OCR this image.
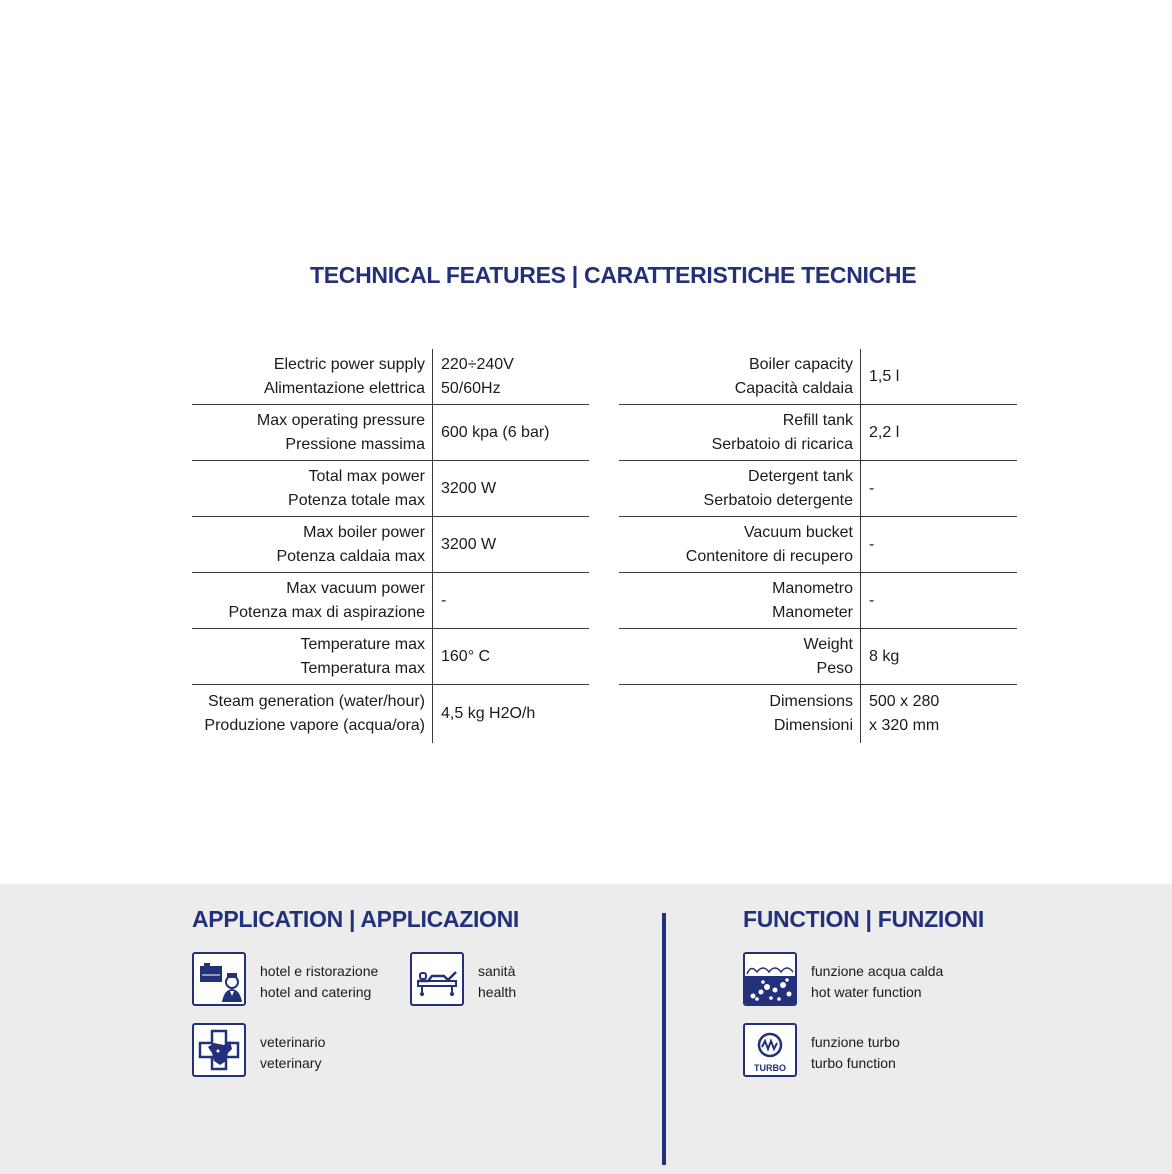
TECHNICAL FEATURES | CARATTERISTICHE TECNICHE
Electric power supply
Alimentazione elettrica
220÷240V
50/60Hz
Max operating pressure
Pressione massima
600 kpa (6 bar)
Total max power
Potenza totale max
3200 W
Max boiler power
Potenza caldaia max
3200 W
Max vacuum power
Potenza max di aspirazione
-
Temperature max
Temperatura max
160° C
Steam generation (water/hour)
Produzione vapore (acqua/ora)
4,5 kg H2O/h
Boiler capacity
Capacità caldaia
1,5 l
Refill tank
Serbatoio di ricarica
2,2 l
Detergent tank
Serbatoio detergente
-
Vacuum bucket
Contenitore di recupero
-
Manometro
Manometer
-
Weight
Peso
8 kg
Dimensions
Dimensioni
500 x 280
x 320 mm
APPLICATION | APPLICAZIONI	FUNCTION | FUNZIONI
hotel e ristorazione
hotel and catering
sanità
health
veterinario
veterinary
funzione acqua calda
hot water function
TURBO
funzione turbo
turbo function
